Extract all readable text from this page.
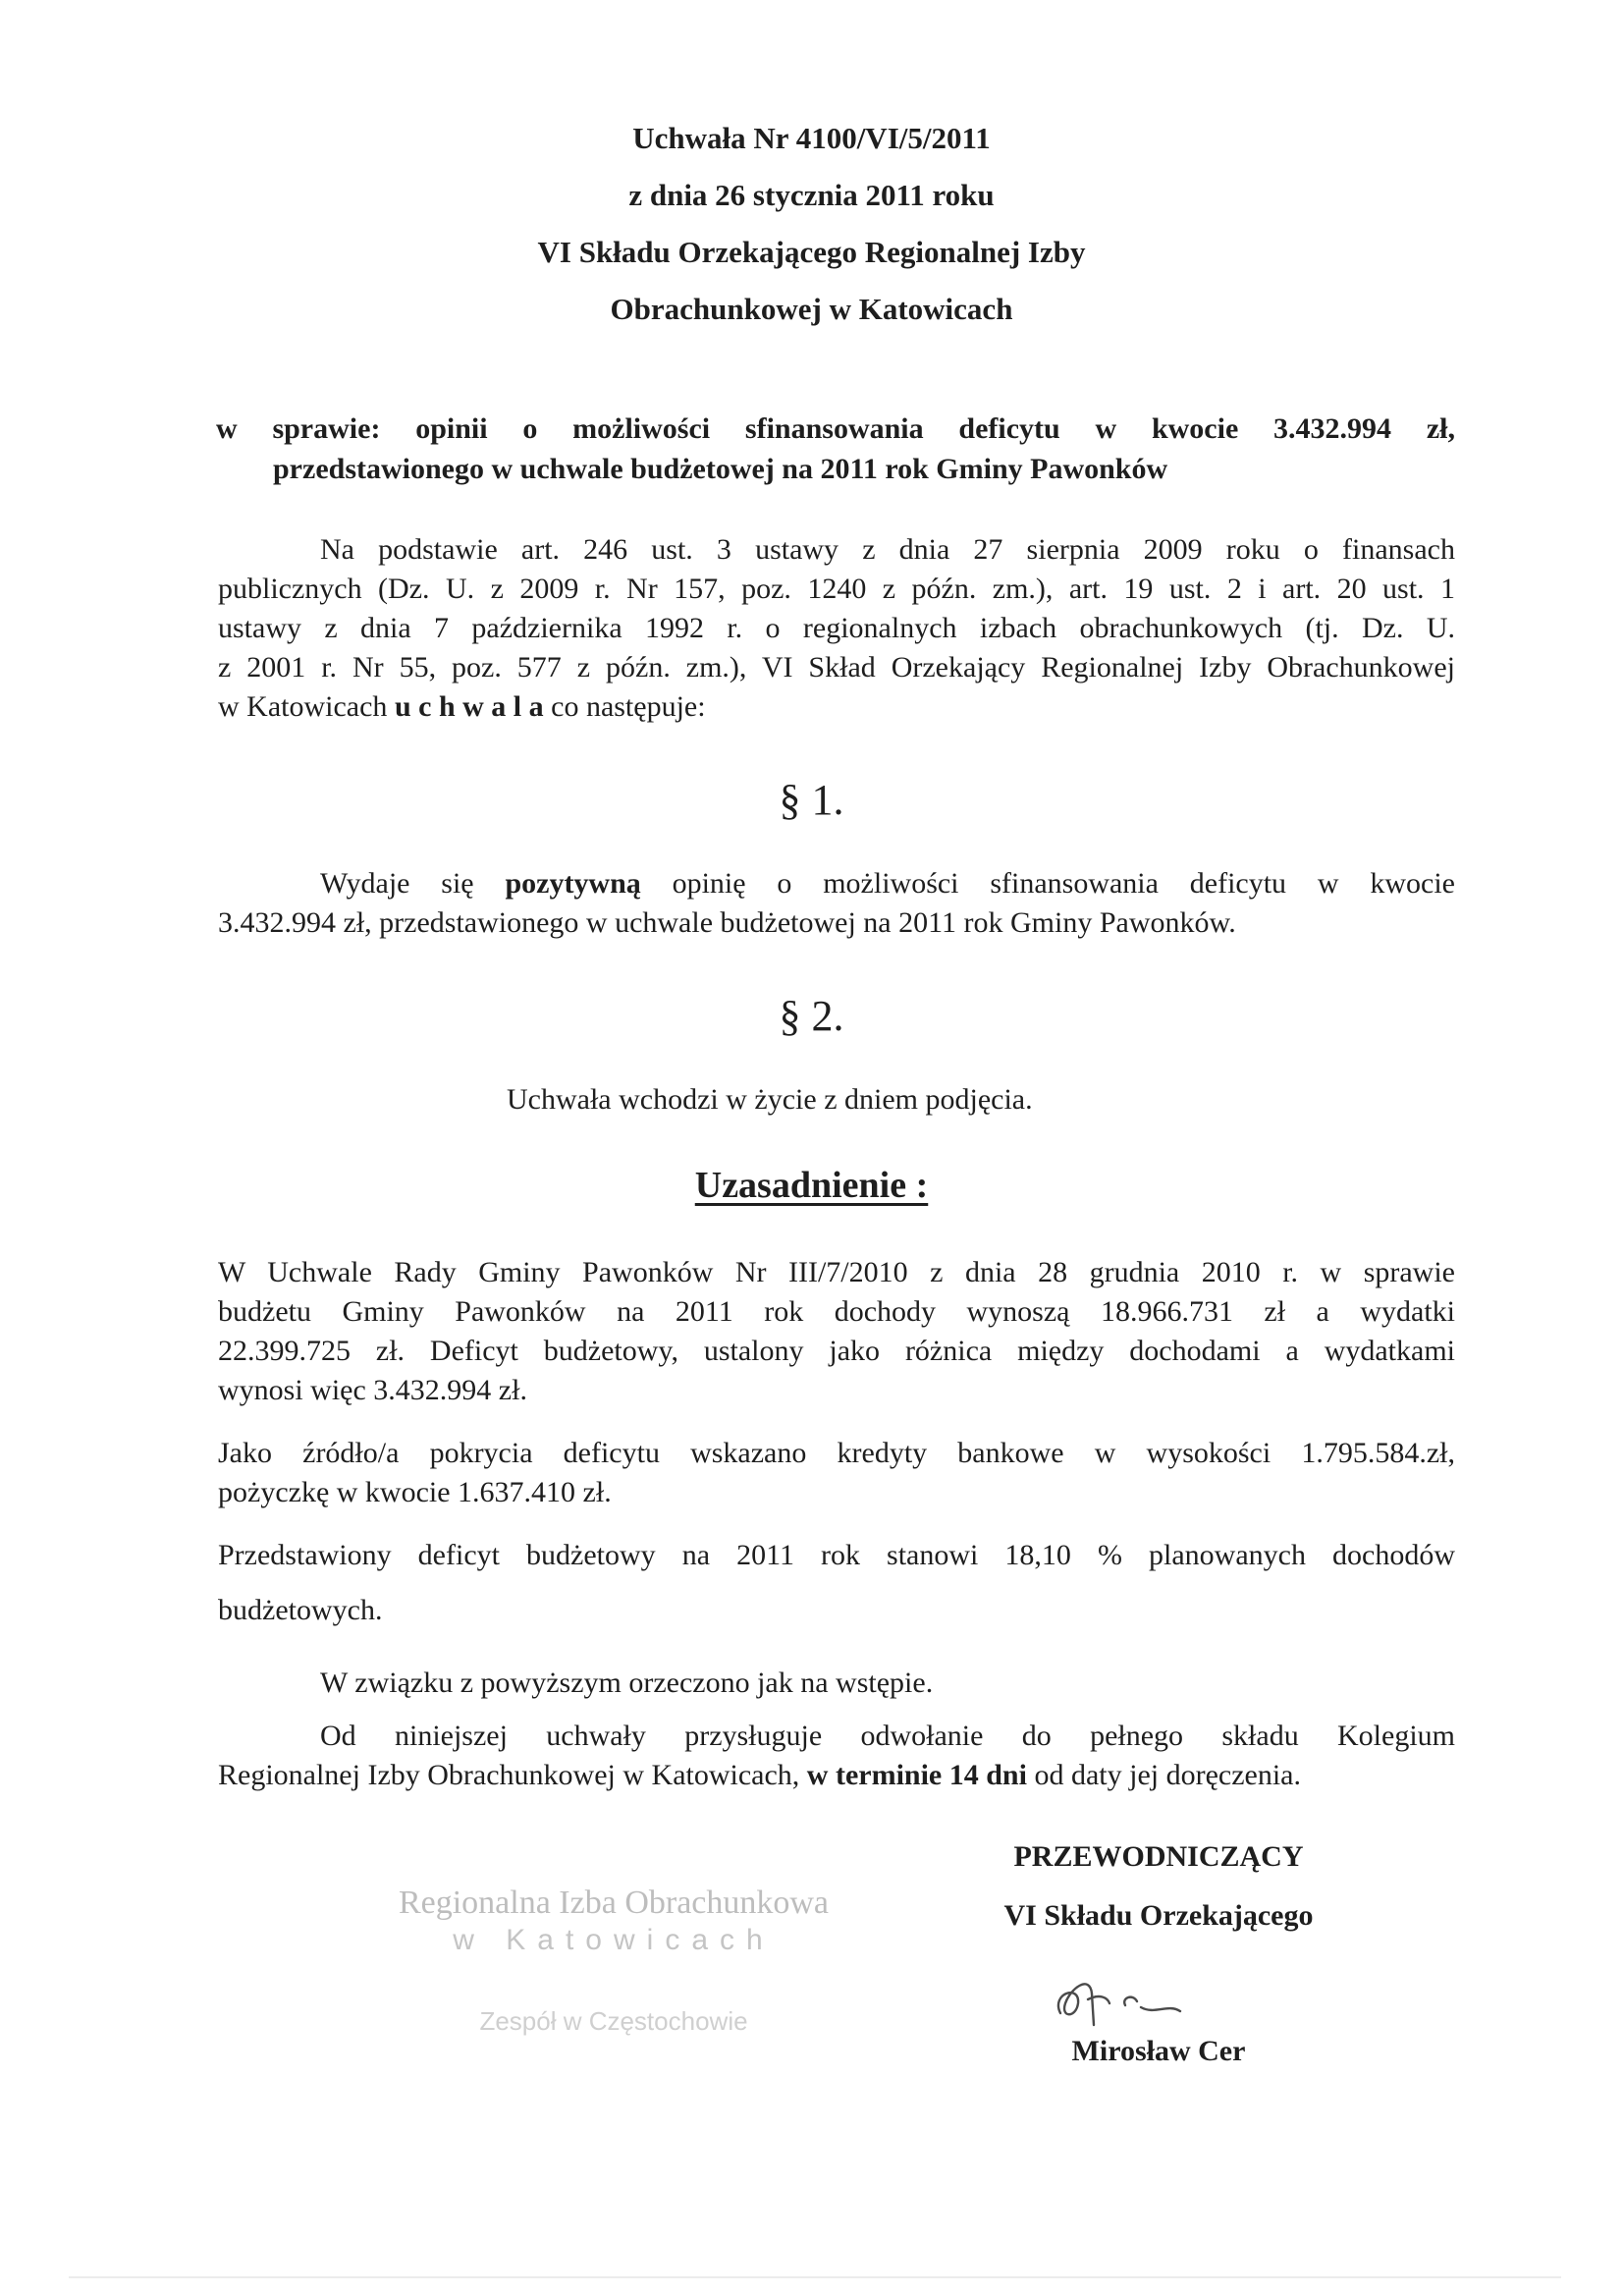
Uchwała Nr 4100/VI/5/2011
z dnia 26 stycznia 2011 roku
VI Składu Orzekającego Regionalnej Izby
Obrachunkowej w Katowicach
w sprawie: opinii o możliwości sfinansowania deficytu w kwocie 3.432.994 zł,
przedstawionego w uchwale budżetowej na 2011 rok Gminy Pawonków
Na podstawie art. 246 ust. 3 ustawy z dnia 27 sierpnia 2009 roku o finansach
publicznych (Dz. U. z 2009 r. Nr 157, poz. 1240 z późn. zm.), art. 19 ust. 2 i art. 20 ust. 1
ustawy z dnia 7 października 1992 r. o regionalnych izbach obrachunkowych (tj. Dz. U.
z 2001 r. Nr 55, poz. 577 z późn. zm.), VI Skład Orzekający Regionalnej Izby Obrachunkowej
w Katowicach u c h w a l a co następuje:
§ 1.
Wydaje się pozytywną opinię o możliwości sfinansowania deficytu w kwocie
3.432.994 zł, przedstawionego w uchwale budżetowej na 2011 rok Gminy Pawonków.
§ 2.
Uchwała wchodzi w życie z dniem podjęcia.
Uzasadnienie :
W Uchwale Rady Gminy Pawonków Nr III/7/2010 z dnia 28 grudnia 2010 r. w sprawie
budżetu Gminy Pawonków na 2011 rok dochody wynoszą 18.966.731 zł a wydatki
22.399.725 zł. Deficyt budżetowy, ustalony jako różnica między dochodami a wydatkami
wynosi więc 3.432.994 zł.
Jako źródło/a pokrycia deficytu wskazano kredyty bankowe w wysokości 1.795.584.zł,
pożyczkę w kwocie 1.637.410 zł.
Przedstawiony deficyt budżetowy na 2011 rok stanowi 18,10 % planowanych dochodów
budżetowych.
W związku z powyższym orzeczono jak na wstępie.
Od niniejszej uchwały przysługuje odwołanie do pełnego składu Kolegium
Regionalnej Izby Obrachunkowej w Katowicach, w terminie 14 dni od daty jej doręczenia.
PRZEWODNICZĄCY
VI Składu Orzekającego
Mirosław Cer
Regionalna Izba Obrachunkowa
w Katowicach
Zespół w Częstochowie
